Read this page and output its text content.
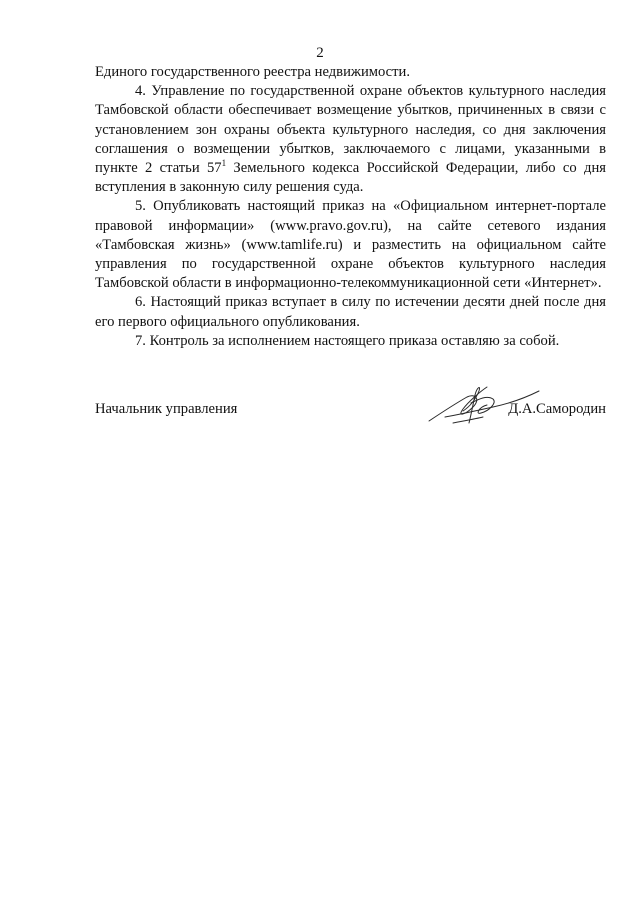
2

Единого государственного реестра недвижимости.

4. Управление по государственной охране объектов культурного наследия Тамбовской области обеспечивает возмещение убытков, причиненных в связи с установлением зон охраны объекта культурного наследия, со дня заключения соглашения о возмещении убытков, заключаемого с лицами, указанными в пункте 2 статьи $57^1$ Земельного кодекса Российской Федерации, либо со дня вступления в законную силу решения суда.

5. Опубликовать настоящий приказ на «Официальном интернет-портале правовой информации» (www.pravo.gov.ru), на сайте сетевого издания «Тамбовская жизнь» (www.tamlife.ru) и разместить на официальном сайте управления по государственной охране объектов культурного наследия Тамбовской области в информационно-телекоммуникационной сети «Интернет».

6. Настоящий приказ вступает в силу по истечении десяти дней после дня его первого официального опубликования.

7. Контроль за исполнением настоящего приказа оставляю за собой.

Начальник управления	Д.А.Самородин
